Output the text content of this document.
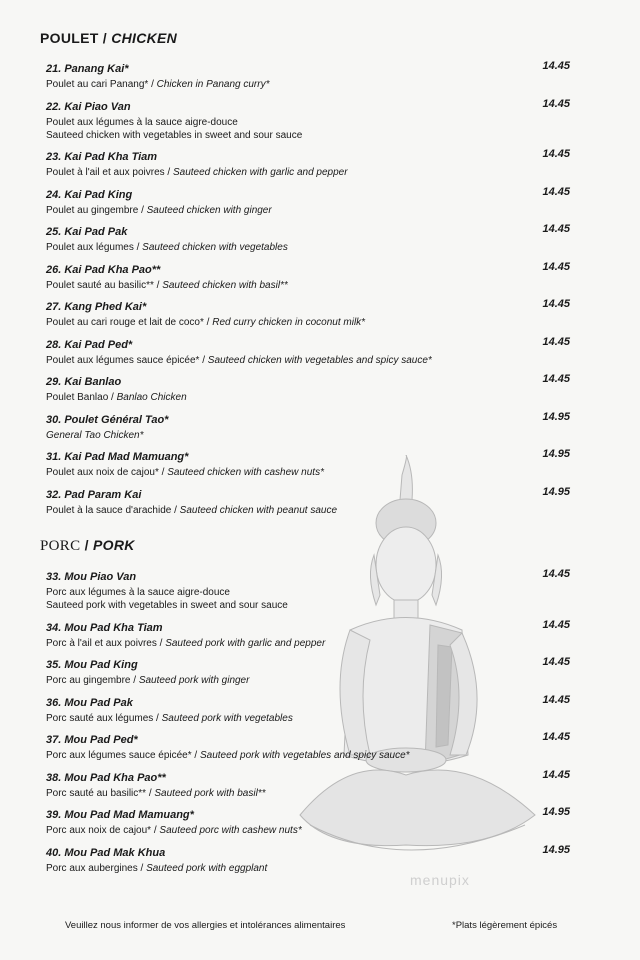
POULET / CHICKEN
21. Panang Kai*	14.45
Poulet au cari Panang* / Chicken in Panang curry*
22. Kai Piao Van	14.45
Poulet aux légumes à la sauce aigre-douce
Sauteed chicken with vegetables in sweet and sour sauce
23. Kai Pad Kha Tiam	14.45
Poulet à l'ail et aux poivres / Sauteed chicken with garlic and pepper
24. Kai Pad King	14.45
Poulet au gingembre / Sauteed chicken with ginger
25. Kai Pad Pak	14.45
Poulet aux légumes / Sauteed chicken with vegetables
26. Kai Pad Kha Pao**	14.45
Poulet sauté au basilic** / Sauteed chicken with basil**
27. Kang Phed Kai*	14.45
Poulet au cari rouge et lait de coco* / Red curry chicken in coconut milk*
28. Kai Pad Ped*	14.45
Poulet aux légumes sauce épicée* / Sauteed chicken with vegetables and spicy sauce*
29. Kai Banlao	14.45
Poulet Banlao / Banlao Chicken
30. Poulet Général Tao*	14.95
General Tao Chicken*
31. Kai Pad Mad Mamuang*	14.95
Poulet aux noix de cajou* / Sauteed chicken with cashew nuts*
32. Pad Param Kai	14.95
Poulet à la sauce d'arachide / Sauteed chicken with peanut sauce
PORC / PORK
33. Mou Piao Van	14.45
Porc aux légumes à la sauce aigre-douce
Sauteed pork with vegetables in sweet and sour sauce
34. Mou Pad Kha Tiam	14.45
Porc à l'ail et aux poivres / Sauteed pork with garlic and pepper
35. Mou Pad King	14.45
Porc au gingembre / Sauteed pork with ginger
36. Mou Pad Pak	14.45
Porc sauté aux légumes / Sauteed pork with vegetables
37. Mou Pad Ped*	14.45
Porc aux légumes sauce épicée* / Sauteed pork with vegetables and spicy sauce*
38. Mou Pad Kha Pao**	14.45
Porc sauté au basilic** / Sauteed pork with basil**
39. Mou Pad Mad Mamuang*	14.95
Porc aux noix de cajou* / Sauteed porc with cashew nuts*
40. Mou Pad Mak Khua	14.95
Porc aux aubergines / Sauteed pork with eggplant
menupix
Veuillez nous informer de vos allergies et intolérances alimentaires	*Plats légèrement épicés
